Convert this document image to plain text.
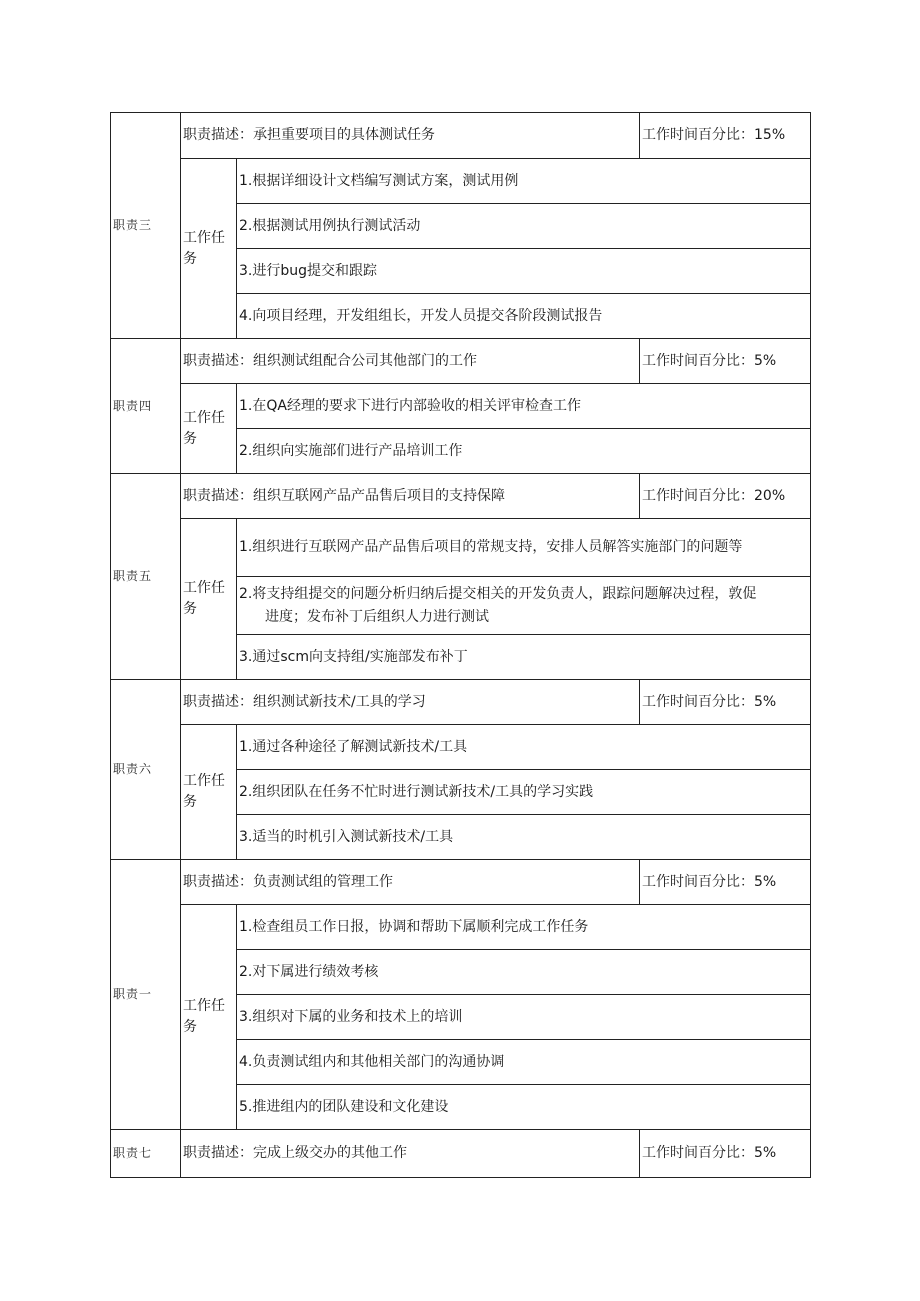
职责三	职责描述：承担重要项目的具体测试任务		工作时间百分比：15%
	工作任务	1.根据详细设计文档编写测试方案，测试用例	
		2.根据测试用例执行测试活动	
		3.进行bug提交和跟踪	
		4.向项目经理，开发组组长，开发人员提交各阶段测试报告	
职责四	职责描述：组织测试组配合公司其他部门的工作		工作时间百分比：5%
	工作任务	1.在QA经理的要求下进行内部验收的相关评审检查工作	
		2.组织向实施部们进行产品培训工作	
职责五	职责描述：组织互联网产品产品售后项目的支持保障		工作时间百分比：20%
	工作任务	1.组织进行互联网产品产品售后项目的常规支持，安排人员解答实施部门的问题等	
		2.将支持组提交的问题分析归纳后提交相关的开发负责人，跟踪问题解决过程，敦促
进度；发布补丁后组织人力进行测试	

		3.通过scm向支持组/实施部发布补丁	
职责六	职责描述：组织测试新技术/工具的学习		工作时间百分比：5%
	工作任务	1.通过各种途径了解测试新技术/工具	
		2.组织团队在任务不忙时进行测试新技术/工具的学习实践	
		3.适当的时机引入测试新技术/工具	
职责一	职责描述：负责测试组的管理工作		工作时间百分比：5%
	工作任务	1.检查组员工作日报，协调和帮助下属顺利完成工作任务	
		2.对下属进行绩效考核	
		3.组织对下属的业务和技术上的培训	
		4.负责测试组内和其他相关部门的沟通协调	
		5.推进组内的团队建设和文化建设	
职责七	职责描述：完成上级交办的其他工作		工作时间百分比：5%
